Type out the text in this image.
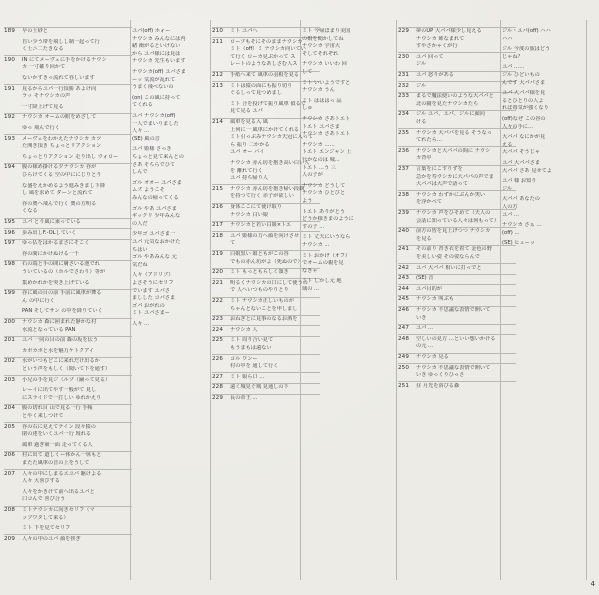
189 早の土砂と
自い少う帯を飛しし制一起って行
く土ニ二たきなる
190 IN にてメーヴェに手をかけるナウシ
カ 一寸確り回かて
ないかすきっ流れて谷しいます
191 見るからユパ一行頂勝 あよけ向
ラッ そナウシカの声
一寸降上げて見る
192 ナウシカ オームの眼をめざして
ゆっ 飛んで行く
193 メーヴェをわかえたナウシカ カツ
た開き頂き ちょっとリアクション
ちょっとりアクション 走り出し ウォロー
194 腹の様め掛ける夕ナウシカ 谷が
ひらけてくる 空の中ににじりとり
な盛をえかめるよう進みきまし下降
し 風を求めて ダーンと流れて
谷の奥へ飛んで行く 奥の方明る
くなる
195 ユパ とり風に乗っている
196 歩み出しF.-OLしていく
197 ゆっ仏をはかるまさにそこく
谷の間にかけぬける一千
198 石の端と手の間に膚さいる池でれ
ういているの（ホルでさわり）等が
集めかれかを突き上げている
199 谷に風の目の前 手前に風車が舞る
ん の中に行く
PAN そしてサン の中を降りていく
200 ナウシカ 森に囲まれた静かな村
水流となっている PAN
201 ユパ 一同の目の前 森の坂を伝う
カボカボと水を魅力ケトクアイ
202 水がいつもどこに来れだけ出るか
という声をもしく（聞いて下を通す）
203 小兄の手を見ジ（ルプ（踊って見る）
レーイに出てやす一般がて 見し
にスライドで一打しい ゆれかえり
204 腹の切れ目 山で見る一行 手帳
とやく来しつけて
205 谷の右に見えてテイン 段々猿の
閉の達をいくユパ一行 現れる
風車 過ぎ東一面 走ってくる人
206 村に出て 道しくー休かん一休もと
またた風車の音の上をうして
207 人々の中にしまるエユパ 駆けよる
人々 大喜びする
人々をかきけて前へ出るユパと
口コんで 喜び合う
208 ミトナウシカに向きセリフ（マ
ップワタして来る）
ミト 下を見てセリフ
209 人々の中のユパ 顔を挟ぎ
ユパ(off) ホォー
ナウシカ みんなには内
緒 衝がるといけない
から ユパ様には見は
ナウシカ 先生もいます
ナウシカ(off) ユパさま
ーッ 気流が乱れて
うまく飛べないの
(on) この風に持って
てくれる
ユパ ナウシカ(off)
一人でまいりました
人々 ...
(SE) 風の音
ユパ 姫様 さっき
ちょっと見て来んとの
さあ そちらでひて
しんで
ゴル オオー ユパさま
ムズ ようこそ
みんなの帰ってくる
ゴル やあ ユパさま
ギックリ 少年みんな
の人だ
少年ゴ ユパさま一
ユパ 元気なおかけた
ちはい
ゴル やあみんな 元
気だね
人々（アドリブ）
よさそうにセリフ
でいます ユパさ
ましした コパさま
ゴパ おがれの
ミト ユパさまー
人々 ...
210 ミト ユパへ
211 ロープもそにそのままナウシカ
ミト（off）ミ ナウシカ向いてい
て行く ローカ見ぶかって ス
レートのようなあしさむ人ス
212 手紙へ来て 風車の羽根を見る
213 ミトは猿の面にも振り切り
ぐるしって見つめまし
ミト 合を投げて振り風車 偵るで
見て見る ユパ
214 風車を見る入 風
上何に一 風車にかけてくれる
ミト引っぷみナウシカ天冠に入って
ら 振り 二かかる
ユパ オー バイ
ナウシカ 赤ん坊を抱き高い白い人
を 離れて行く
ユパ 持ち帰り人
215 ナウシカ 赤ん坊を抱き帰い段観
を持つて行く 赤子が欲しい
216 身体ここにて使け取り
ナウシカ 白い娘
217 ナウシカと若い白娘×トエ
218 ユパ 姫様の力へ顔を向けさせ
て
219 白娘黒い 娘ともがこの谷
でもの赤ん坊がよ（死ぬので）
220 ミト もっともらしく頷き
221 明るくナウシカの口にして使うの
で 人へいつものやりとり
222 ミト ナウシカ正しいものが
ちゃんとないことを申しまし
223 おねぎとに見事のなるお酒を
224 ナウシカ 人
225 ミト 周り合い見て
もうまもは遠ない
226 コル ワンー
村の中を 通して行く
227 ミト 娘ら口 ...
228 遠く城見ぐ城 見通しの下
229 長の帝王 ...
ミト 今帰ほまり美国
の娘を聞かしてね
ナウシカ 宇宙大
そしてそれぞれ
ナウシカ いいわ 回
して
ミト いいようですと
ナウシカ うん
ミト はははっ 品
しゅ
ナウシカ さあトエト
トエト ユパさま
ナウシカ さあトエト
ナウシカ ……
トエト エンジャン 上
行かなのは 城...
トエト ...う 三
人の子が
ナウシカ どうして
ナウシカ ひとびと
よう
トエト ありがとう
どうか様きまのように
すの子 ...
ミト 丈夫にいうなら
ナウシカ ...
ミト おかげ（オフ）
でオームの親を見
なきゃ
ミト しかし元 地
域の ...
229 夢のUP 大パパ様少し見える
ナウシカ 姉なまれて
すやさかゃくが行
230 ユパ 回って
ジル
231 ユパ 怒りがある
232 ジル
233 まるで魔法使いのような大パパと
北の闘を見たナウシカたち
234 ジル ユパ、ユパ、ジルに顔向
ける
235 ナウシカ 大パパを見る そうなっ
てれたら…
236 ナウシカと大パパの間に ナウシ
カ背中
237 言葉をにこすりずを
急かを寿ウシカに大パパの声でま
大パパは大声で語って
238 ナウシカ わずかにぶんか笑い
を浮かべて
239 ナウシカ 声をひそめて（天人の
会話に知っている人々は何もって）
240 前方の皆を見上げつつ ナウシカ
を見る
241 その前り 青き衣を着て 金色の野
を美しい姿 その姿ならんで
242 ユパ 大パパ 相いに打っでと
243 (SE) 音
244 ユパ目的が
245 ナウシカ 叫ぶも
246 ナウシカ 不思議な表情で開いて
いき
247 ユパ ...
248 空しいの見方 …といい想いかける
の元 ...
249 ナウシカ 見る
250 ナウシカ 不思議な表情で開いて
いき ゆっくりひっさ
251 昼 月光を浴びる森
ジル・ユパ(off) ハハ
ハハ
ジル 今度の旅はどう
じゃね？
ユパ ……
ジル ひどいもの
んです 大パパさま
ユパ 大パパ様を見
るとひとりの人よ
れば毒気が強くなり
(off)なぜ この谷の
人々の手に…
大パパ なにかが見
える
大パパ そうじゃ
ユパ 大パパさま
大パパ さあ 見せてよ
ユパ 様 お知り
ジル
大パパ あなたの
人の方
ユパ ...
ナウシカ さぁ ...
(off) ...
(SE) ヒューッ
4
